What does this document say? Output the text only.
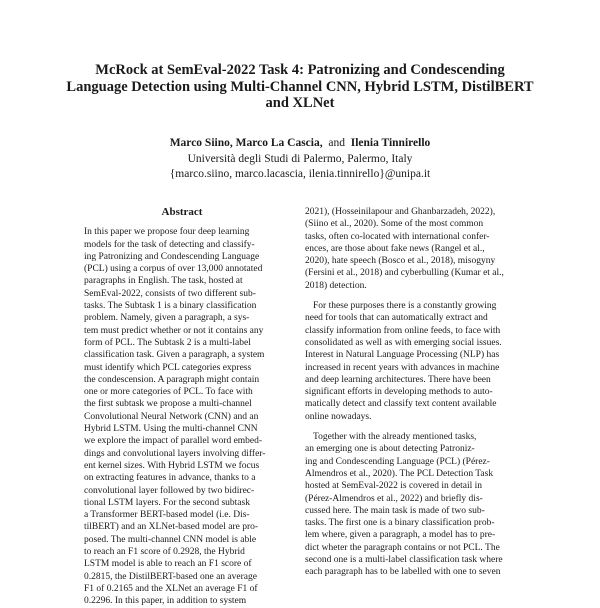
McRock at SemEval-2022 Task 4: Patronizing and Condescending
Language Detection using Multi-Channel CNN, Hybrid LSTM, DistilBERT
and XLNet
Marco Siino, Marco La Cascia, and Ilenia Tinnirello
Università degli Studi di Palermo, Palermo, Italy
{marco.siino, marco.lacascia, ilenia.tinnirello}@unipa.it
Abstract
In this paper we propose four deep learning
models for the task of detecting and classify-
ing Patronizing and Condescending Language
(PCL) using a corpus of over 13,000 annotated
paragraphs in English. The task, hosted at
SemEval-2022, consists of two different sub-
tasks. The Subtask 1 is a binary classification
problem. Namely, given a paragraph, a sys-
tem must predict whether or not it contains any
form of PCL. The Subtask 2 is a multi-label
classification task. Given a paragraph, a system
must identify which PCL categories express
the condescension. A paragraph might contain
one or more categories of PCL. To face with
the first subtask we propose a multi-channel
Convolutional Neural Network (CNN) and an
Hybrid LSTM. Using the multi-channel CNN
we explore the impact of parallel word embed-
dings and convolutional layers involving differ-
ent kernel sizes. With Hybrid LSTM we focus
on extracting features in advance, thanks to a
convolutional layer followed by two bidirec-
tional LSTM layers. For the second subtask
a Transformer BERT-based model (i.e. Dis-
tilBERT) and an XLNet-based model are pro-
posed. The multi-channel CNN model is able
to reach an F1 score of 0.2928, the Hybrid
LSTM model is able to reach an F1 score of
0.2815, the DistilBERT-based one an average
F1 of 0.2165 and the XLNet an average F1 of
0.2296. In this paper, in addition to system
2021), (Hosseinilapour and Ghanbarzadeh, 2022),
(Siino et al., 2020). Some of the most common
tasks, often co-located with international confer-
ences, are those about fake news (Rangel et al.,
2020), hate speech (Bosco et al., 2018), misogyny
(Fersini et al., 2018) and cyberbulling (Kumar et al.,
2018) detection.
For these purposes there is a constantly growing
need for tools that can automatically extract and
classify information from online feeds, to face with
consolidated as well as with emerging social issues.
Interest in Natural Language Processing (NLP) has
increased in recent years with advances in machine
and deep learning architectures. There have been
significant efforts in developing methods to auto-
matically detect and classify text content available
online nowadays.
Together with the already mentioned tasks,
an emerging one is about detecting Patroniz-
ing and Condescending Language (PCL) (Pérez-
Almendros et al., 2020). The PCL Detection Task
hosted at SemEval-2022 is covered in detail in
(Pérez-Almendros et al., 2022) and briefly dis-
cussed here. The main task is made of two sub-
tasks. The first one is a binary classification prob-
lem where, given a paragraph, a model has to pre-
dict wheter the paragraph contains or not PCL. The
second one is a multi-label classification task where
each paragraph has to be labelled with one to seven
